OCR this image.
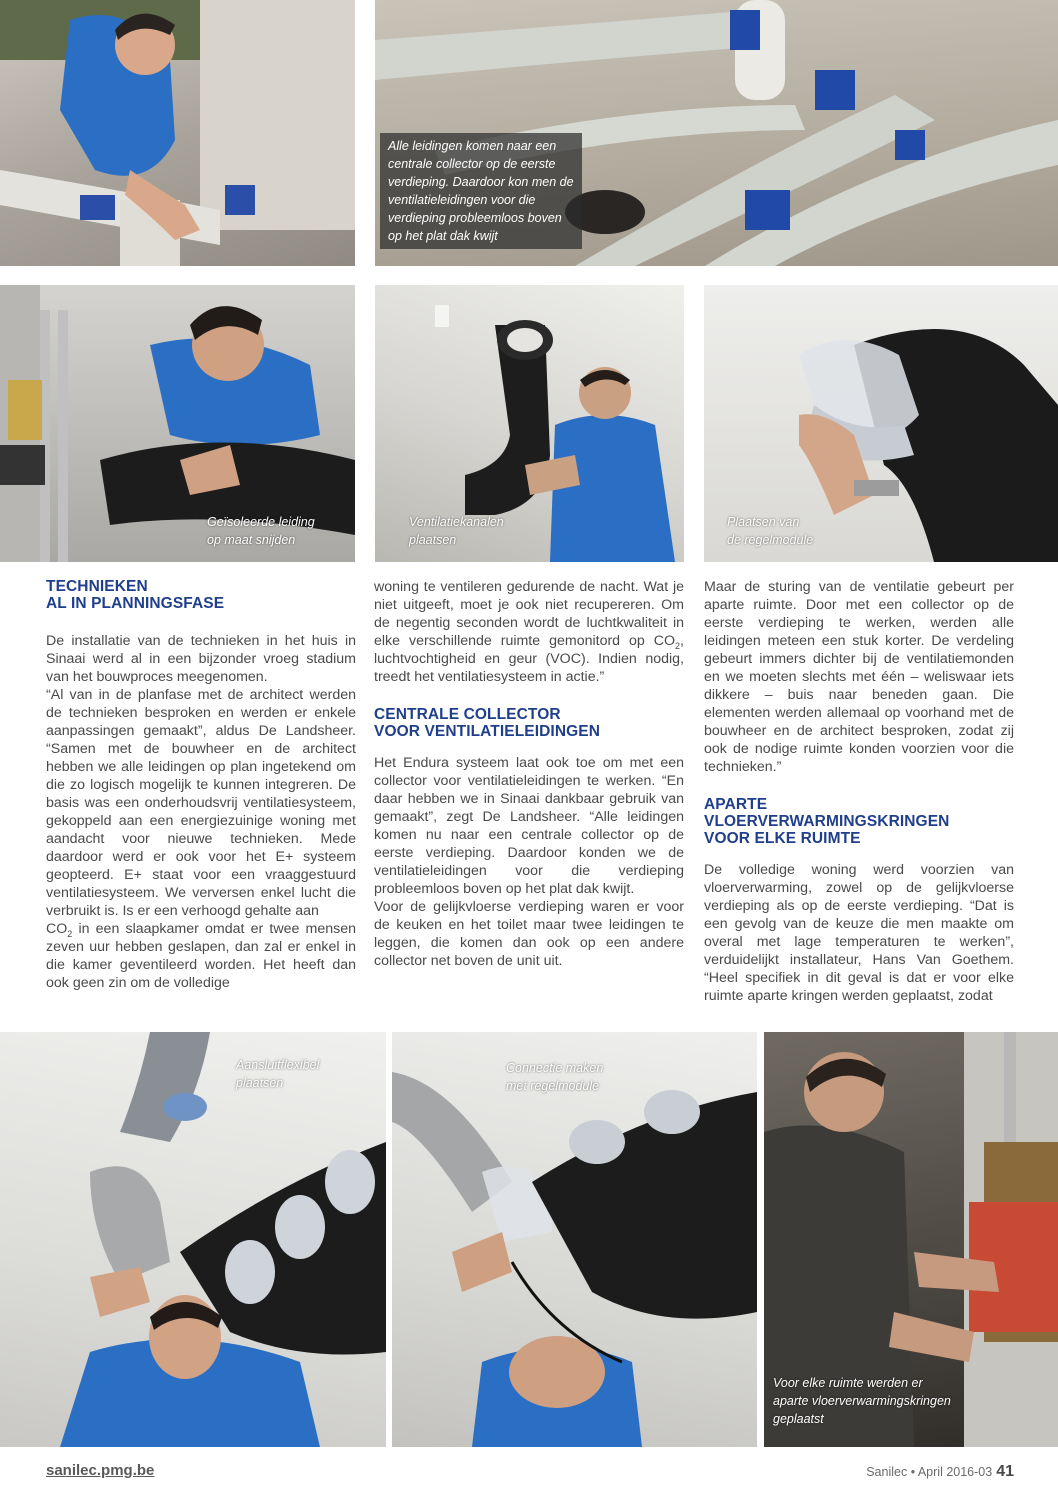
Alle leidingen komen naar een centrale collector op de eerste verdieping. Daardoor kon men de ventilatieleidingen voor die verdieping probleemloos boven op het plat dak kwijt
Geïsoleerde leiding
op maat snijden
Ventilatiekanalen
plaatsen
Plaatsen van
de regelmodule
TECHNIEKEN
AL IN PLANNINGSFASE

De installatie van de technieken in het huis in Sinaai werd al in een bijzonder vroeg stadium van het bouwproces meegenomen.

“Al van in de planfase met de architect werden de technieken besproken en werden er enkele aanpassingen gemaakt”, aldus De Landsheer. “Samen met de bouwheer en de architect hebben we alle leidingen op plan ingetekend om die zo logisch mogelijk te kunnen integreren. De basis was een onderhoudsvrij ventilatiesysteem, gekoppeld aan een energiezuinige woning met aandacht voor nieuwe technieken. Mede daardoor werd er ook voor het E+ systeem geopteerd. E+ staat voor een vraaggestuurd ventilatiesysteem. We verversen enkel lucht die verbruikt is. Is er een verhoogd gehalte aan
$CO_2$ in een slaapkamer omdat er twee mensen zeven uur hebben geslapen, dan zal er enkel in die kamer geventileerd worden. Het heeft dan ook geen zin om de volledige

woning te ventileren gedurende de nacht. Wat je niet uitgeeft, moet je ook niet recupereren. Om de negentig seconden wordt de luchtkwaliteit in elke verschillende ruimte gemonitord op $CO_2$, luchtvochtigheid en geur (VOC). Indien nodig, treedt het ventilatiesysteem in actie.”

CENTRALE COLLECTOR
VOOR VENTILATIELEIDINGEN

Het Endura systeem laat ook toe om met een collector voor ventilatieleidingen te werken. “En daar hebben we in Sinaai dankbaar gebruik van gemaakt”, zegt De Landsheer. “Alle leidingen komen nu naar een centrale collector op de eerste verdieping. Daardoor konden we de ventilatieleidingen voor die verdieping probleemloos boven op het plat dak kwijt.

Voor de gelijkvloerse verdieping waren er voor de keuken en het toilet maar twee leidingen te leggen, die komen dan ook op een andere collector net boven de unit uit.

Maar de sturing van de ventilatie gebeurt per aparte ruimte. Door met een collector op de eerste verdieping te werken, werden alle leidingen meteen een stuk korter. De verdeling gebeurt immers dichter bij de ventilatiemonden en we moeten slechts met één – weliswaar iets dikkere – buis naar beneden gaan. Die elementen werden allemaal op voorhand met de bouwheer en de architect besproken, zodat zij ook de nodige ruimte konden voorzien voor die technieken.”

APARTE
VLOERVERWARMINGSKRINGEN
VOOR ELKE RUIMTE

De volledige woning werd voorzien van vloerverwarming, zowel op de gelijkvloerse verdieping als op de eerste verdieping. “Dat is een gevolg van de keuze die men maakte om overal met lage temperaturen te werken”, verduidelijkt installateur, Hans Van Goethem. “Heel specifiek in dit geval is dat er voor elke ruimte aparte kringen werden geplaatst, zodat

Aansluitflexibel
plaatsen
Connectie maken
met regelmodule
Voor elke ruimte werden er
aparte vloerverwarmingskringen
geplaatst
sanilec.pmg.be	Sanilec • April 2016-03 41
